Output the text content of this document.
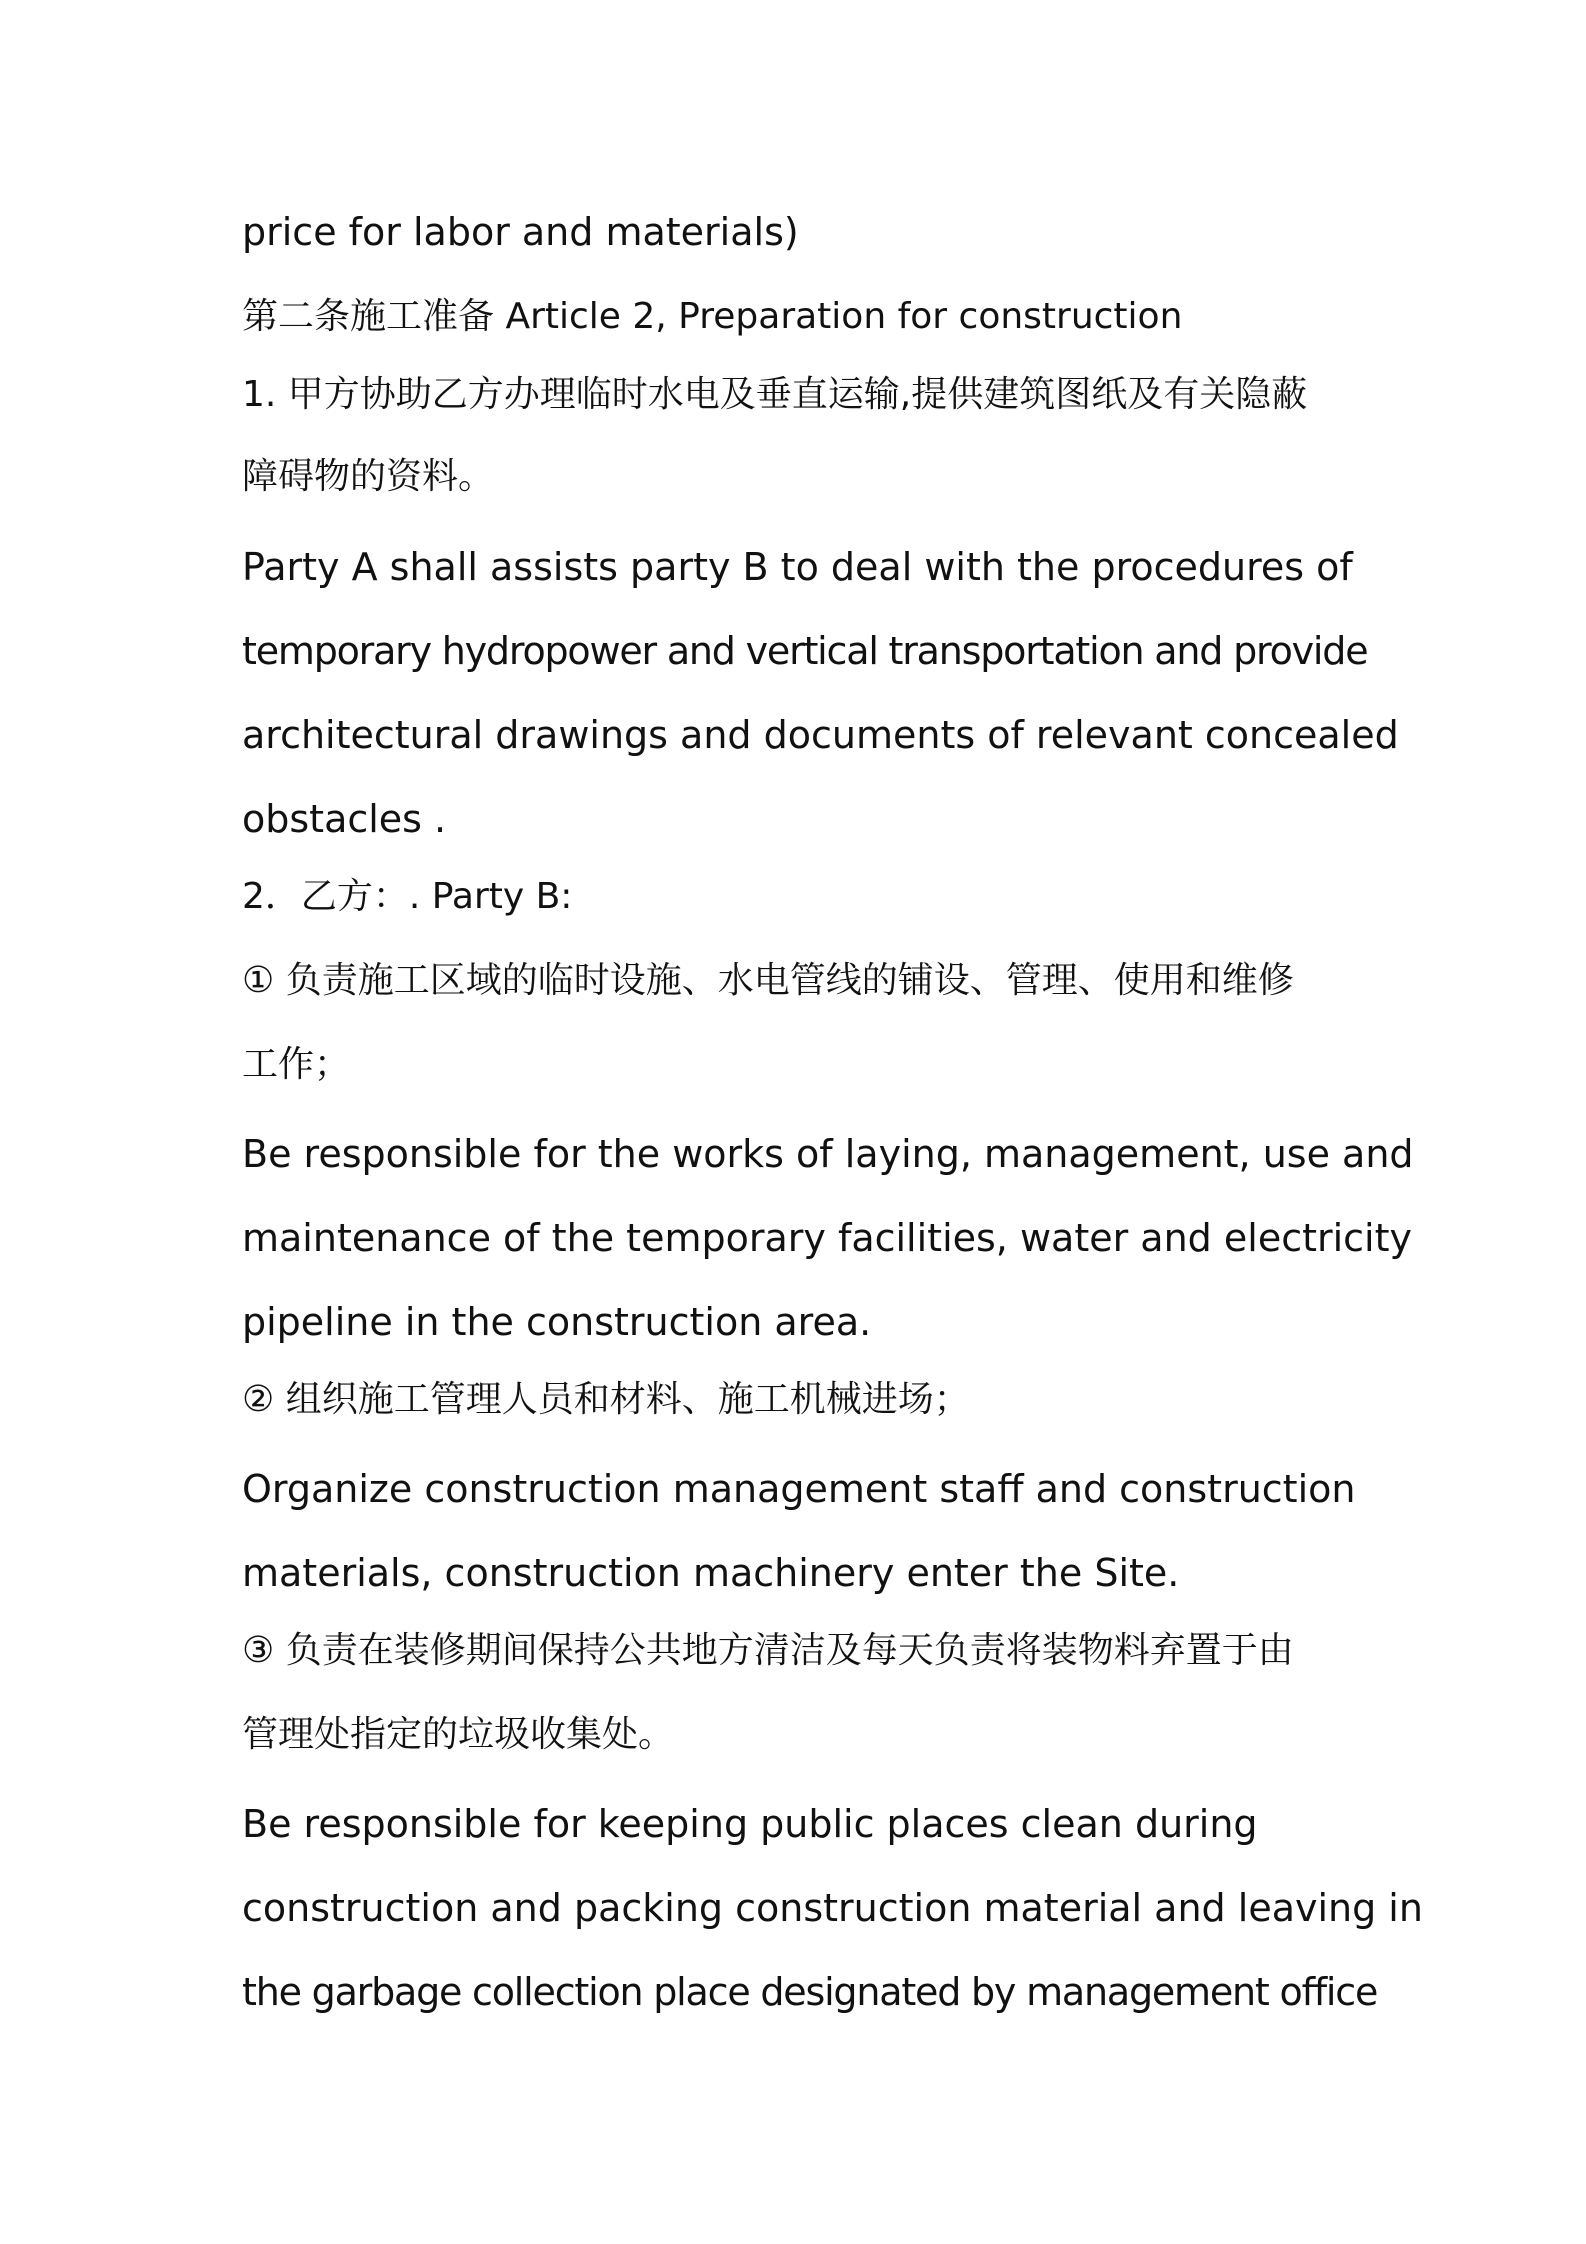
price for labor and materials)
第二条施工准备 Article 2, Preparation for construction
1. 甲方协助乙方办理临时水电及垂直运输,提供建筑图纸及有关隐蔽
障碍物的资料。
Party A shall assists party B to deal with the procedures of
temporary hydropower and vertical transportation and provide
architectural drawings and documents of relevant concealed
obstacles .
2．乙方：. Party B:
① 负责施工区域的临时设施、水电管线的铺设、管理、使用和维修
工作；
Be responsible for the works of laying, management, use and
maintenance of the temporary facilities, water and electricity
pipeline in the construction area.
② 组织施工管理人员和材料、施工机械进场；
Organize construction management staff and construction
materials, construction machinery enter the Site.
③ 负责在装修期间保持公共地方清洁及每天负责将装物料弃置于由
管理处指定的垃圾收集处。
Be responsible for keeping public places clean during
construction and packing construction material and leaving in
the garbage collection place designated by management office
